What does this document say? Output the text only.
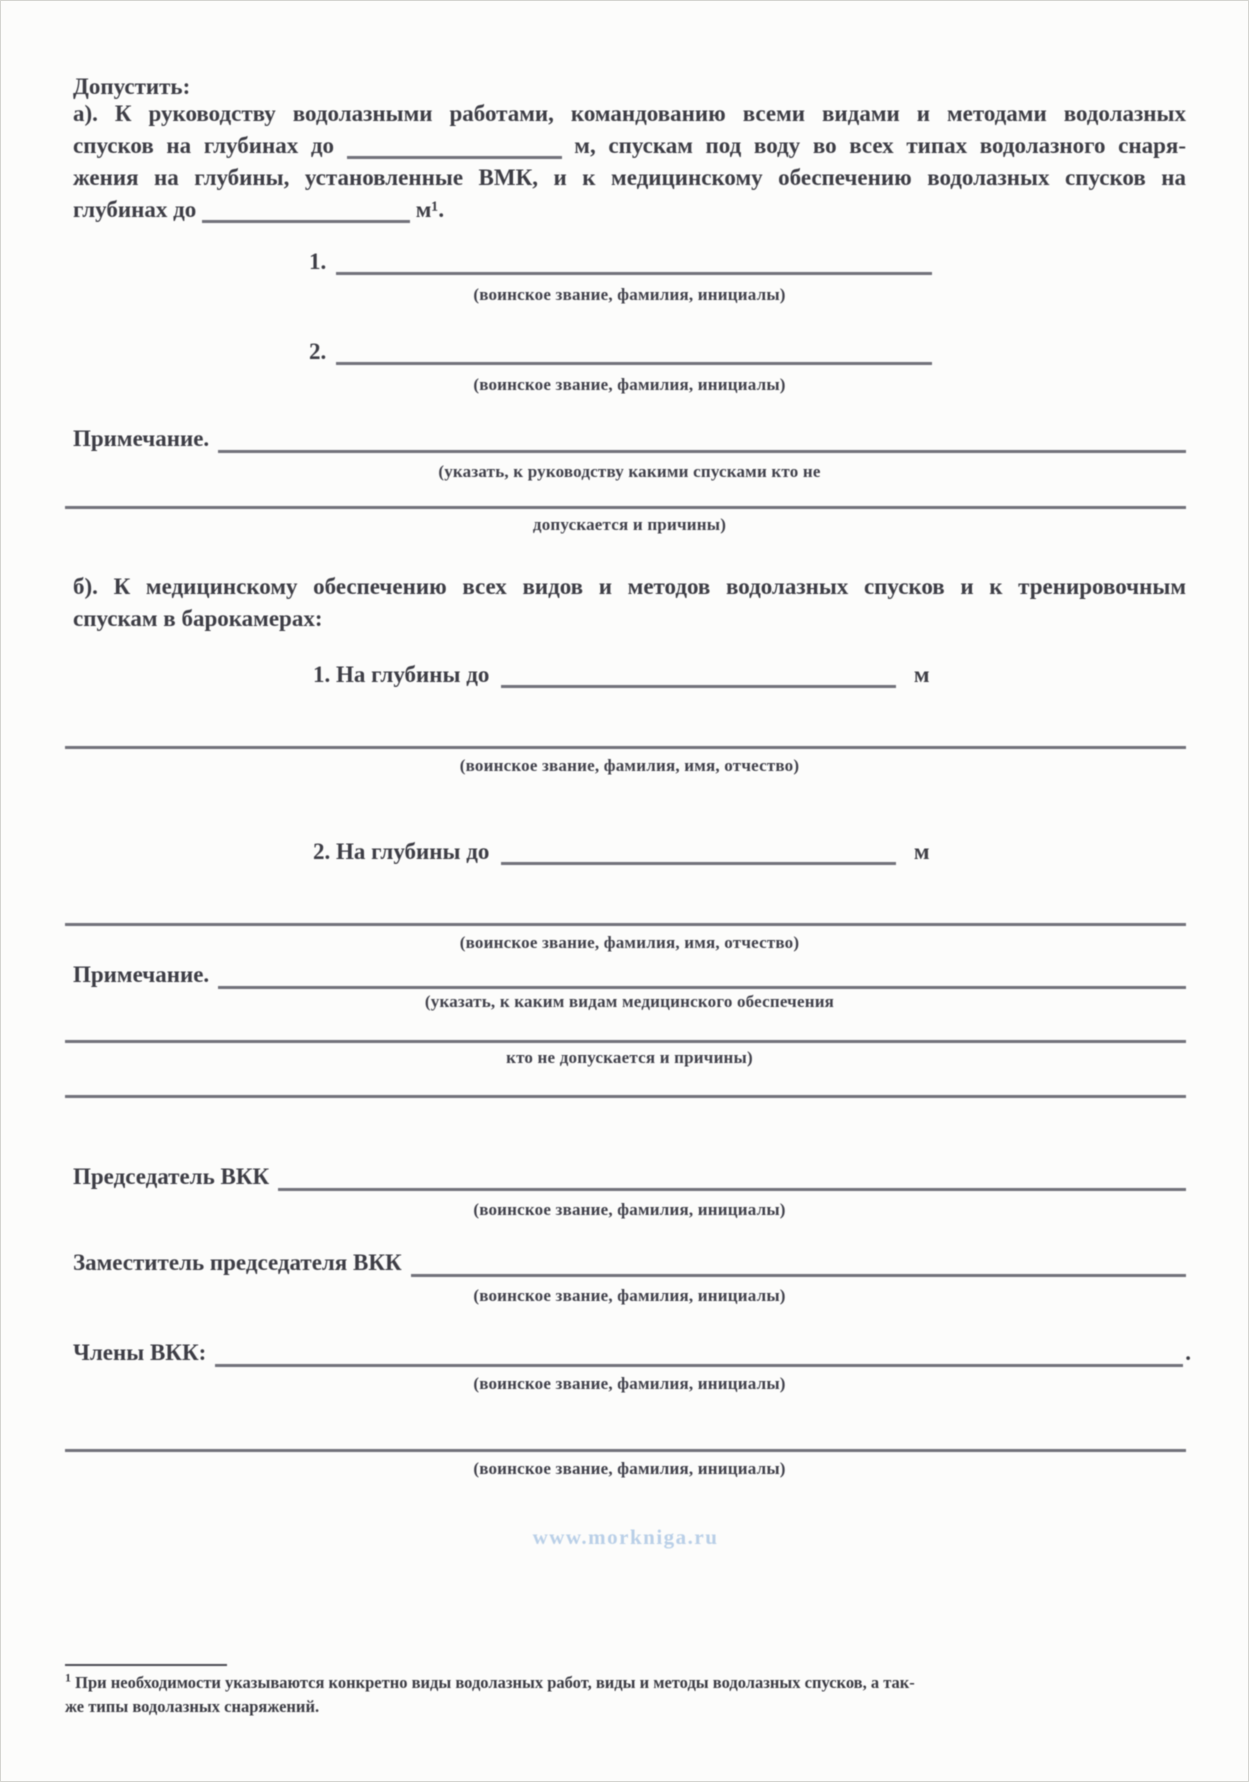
Допустить:
а). К руководству водолазными работами, командованию всеми видами и методами водолазных
спусков на глубинах до	м, спускам под воду во всех типах водолазного снаря-
жения на глубины, установленные ВМК, и к медицинскому обеспечению водолазных спусков на
глубинах до	м¹.
1.
(воинское звание, фамилия, инициалы)
2.
(воинское звание, фамилия, инициалы)
Примечание.
(указать, к руководству какими спусками кто не
допускается и причины)
б). К медицинскому обеспечению всех видов и методов водолазных спусков и к тренировочным
спускам в барокамерах:
1. На глубины до	м
(воинское звание, фамилия, имя, отчество)
2. На глубины до	м
(воинское звание, фамилия, имя, отчество)
Примечание.
(указать, к каким видам медицинского обеспечения
кто не допускается и причины)
Председатель ВКК
(воинское звание, фамилия, инициалы)
Заместитель председателя ВКК
(воинское звание, фамилия, инициалы)
Члены ВКК:	.
(воинское звание, фамилия, инициалы)
(воинское звание, фамилия, инициалы)
www.morkniga.ru
$^1$ При необходимости указываются конкретно виды водолазных работ, виды и методы водолазных спусков, а так-
же типы водолазных снаряжений.
